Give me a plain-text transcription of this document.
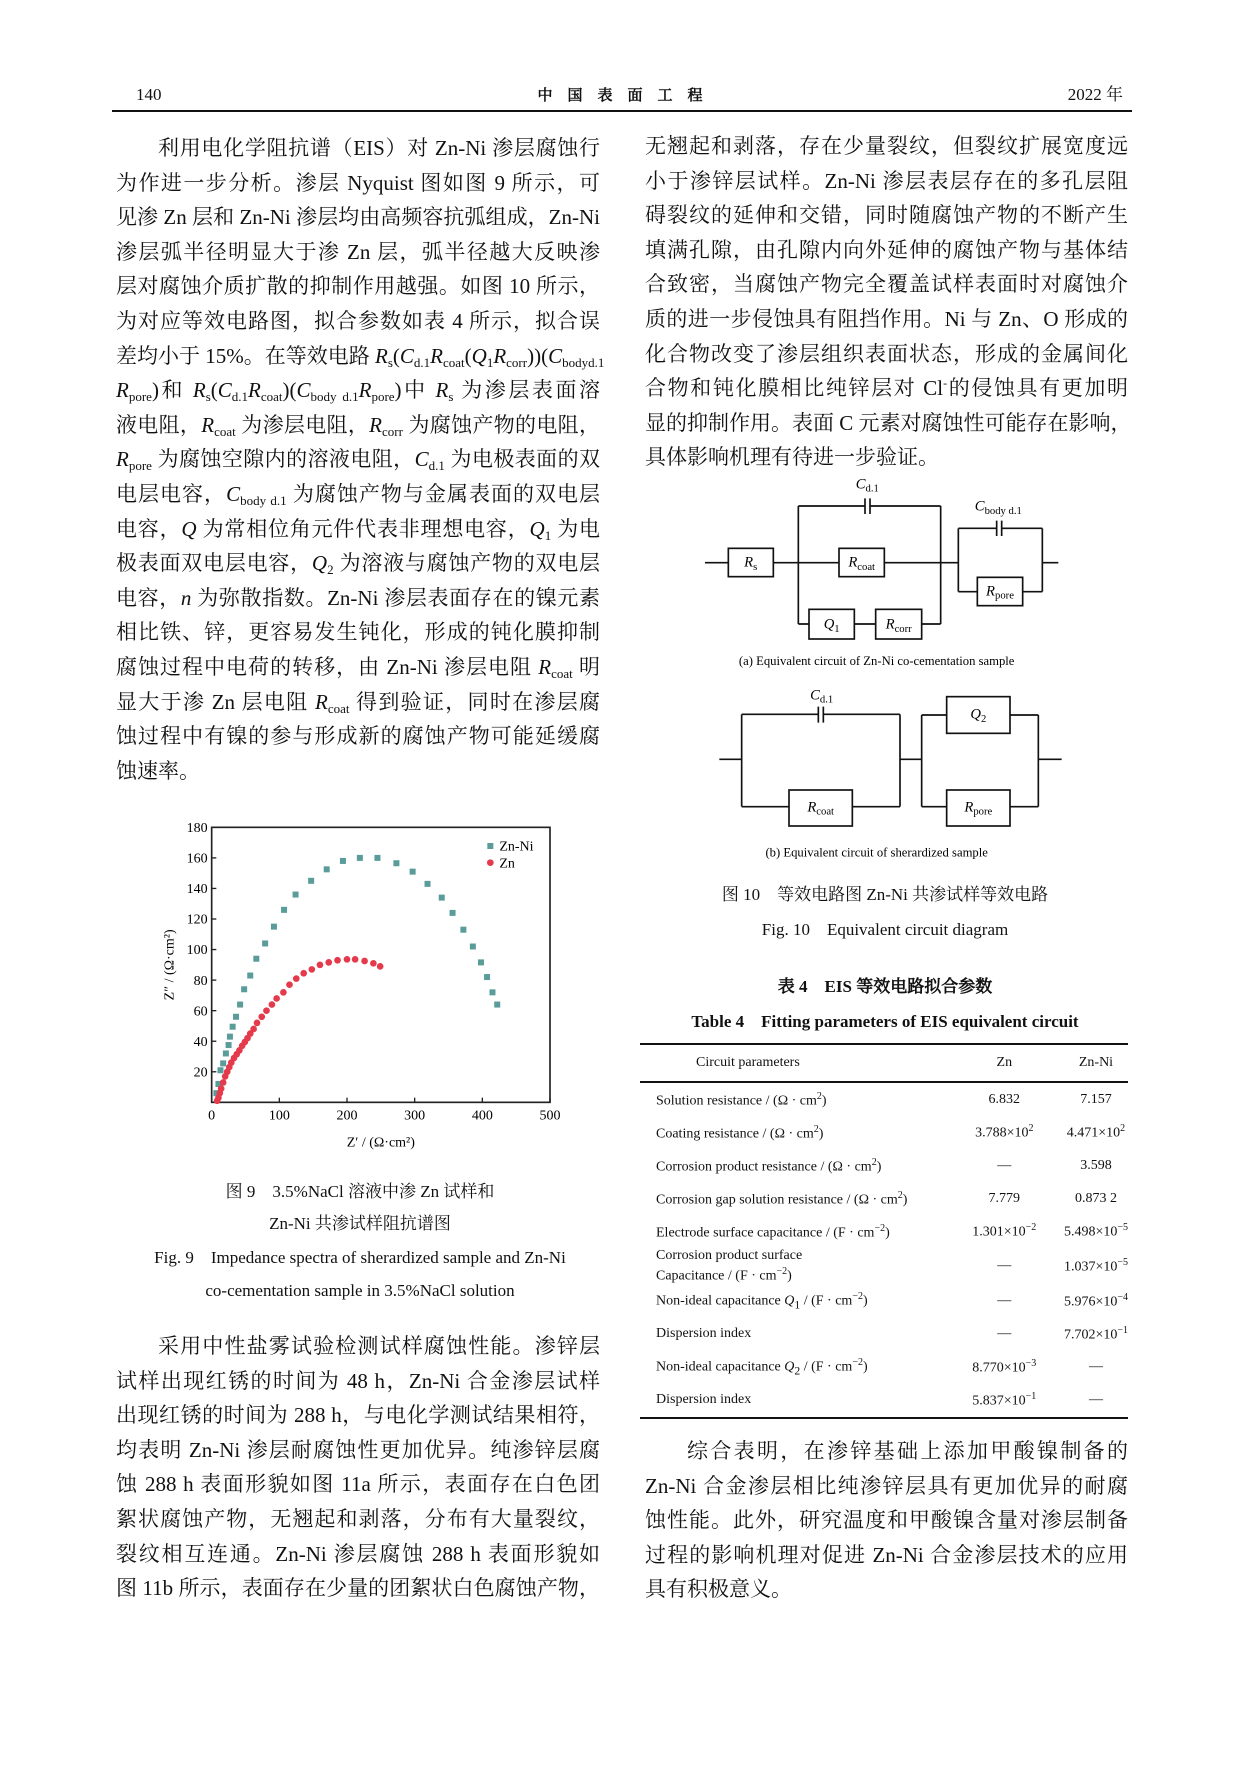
140	中　国　表　面　工　程	2022 年
利用电化学阻抗谱（EIS）对 Zn-Ni 渗层腐蚀行
为作进一步分析。渗层 Nyquist 图如图 9 所示，可
见渗 Zn 层和 Zn-Ni 渗层均由高频容抗弧组成，Zn-Ni
渗层弧半径明显大于渗 Zn 层，弧半径越大反映渗
层对腐蚀介质扩散的抑制作用越强。如图 10 所示，
为对应等效电路图，拟合参数如表 4 所示，拟合误
差均小于 15%。在等效电路 $R_s(C_{d.1}R_{coat}(Q_1R_{corr}))(C_{bodyd.1}$
$R_{pore}$)和 $R_s(C_{d.1}R_{coat})(C_{body d.1}R_{pore})$中 $R_s$ 为渗层表面溶
液电阻，$R_{coat}$ 为渗层电阻，$R_{corr}$ 为腐蚀产物的电阻，
$R_{pore}$ 为腐蚀空隙内的溶液电阻，$C_{d.1}$ 为电极表面的双
电层电容，$C_{body d.1}$ 为腐蚀产物与金属表面的双电层
电容，Q 为常相位角元件代表非理想电容，$Q_1$ 为电
极表面双电层电容，$Q_2$ 为溶液与腐蚀产物的双电层
电容，n 为弥散指数。Zn-Ni 渗层表面存在的镍元素
相比铁、锌，更容易发生钝化，形成的钝化膜抑制
腐蚀过程中电荷的转移，由 Zn-Ni 渗层电阻 $R_{coat}$ 明
显大于渗 Zn 层电阻 $R_{coat}$ 得到验证，同时在渗层腐
蚀过程中有镍的参与形成新的腐蚀产物可能延缓腐
蚀速率。
采用中性盐雾试验检测试样腐蚀性能。渗锌层
试样出现红锈的时间为 48 h，Zn-Ni 合金渗层试样
出现红锈的时间为 288 h，与电化学测试结果相符，
均表明 Zn-Ni 渗层耐腐蚀性更加优异。纯渗锌层腐
蚀 288 h 表面形貌如图 11a 所示，表面存在白色团
絮状腐蚀产物，无翘起和剥落，分布有大量裂纹，
裂纹相互连通。Zn-Ni 渗层腐蚀 288 h 表面形貌如
图 11b 所示，表面存在少量的团絮状白色腐蚀产物，
无翘起和剥落，存在少量裂纹，但裂纹扩展宽度远
小于渗锌层试样。Zn-Ni 渗层表层存在的多孔层阻
碍裂纹的延伸和交错，同时随腐蚀产物的不断产生
填满孔隙，由孔隙内向外延伸的腐蚀产物与基体结
合致密，当腐蚀产物完全覆盖试样表面时对腐蚀介
质的进一步侵蚀具有阻挡作用。Ni 与 Zn、O 形成的
化合物改变了渗层组织表面状态，形成的金属间化
合物和钝化膜相比纯锌层对 Cl-的侵蚀具有更加明
显的抑制作用。表面 C 元素对腐蚀性可能存在影响，
具体影响机理有待进一步验证。
综合表明，在渗锌基础上添加甲酸镍制备的
Zn-Ni 合金渗层相比纯渗锌层具有更加优异的耐腐
蚀性能。此外，研究温度和甲酸镍含量对渗层制备
过程的影响机理对促进 Zn-Ni 合金渗层技术的应用
具有积极意义。
0 100 200 300 400 500
20
40
60
80
100
120
140
160
180
Z′ / (Ω·cm²)
Z″ / (Ω·cm²)
Zn-Ni
Zn
图 9　3.5%NaCl 溶液中渗 Zn 试样和
Zn-Ni 共渗试样阻抗谱图
Fig. 9　Impedance spectra of sherardized sample and Zn-Ni
co-cementation sample in 3.5%NaCl solution
$R_s$
$C_{d.1}$
$R_{coat}$
$Q_1$ $R_{corr}$
$C_{body d.1}$
$R_{pore}$
$C_{d.1}$
$R_{coat}$
$Q_2$
$R_{pore}$
(a) Equivalent circuit of Zn-Ni co-cementation sample
(b) Equivalent circuit of sherardized sample
图 10　等效电路图 Zn-Ni 共渗试样等效电路
Fig. 10　Equivalent circuit diagram
表 4　EIS 等效电路拟合参数
Table 4　Fitting parameters of EIS equivalent circuit
Circuit parameters	Zn	Zn-Ni
Solution resistance / $(\Omega \cdot cm^2)$	6.832	7.157
Coating resistance / $(\Omega \cdot cm^2)$	$3.788\times 10^2$	$4.471\times 10^2$
Corrosion product resistance / $(\Omega \cdot cm^2)$	—	3.598
Corrosion gap solution resistance / $(\Omega \cdot cm^2)$	7.779	0.873 2
Electrode surface capacitance / $(F \cdot cm^{-2})$	$1.301\times 10^{-2}$	$5.498\times 10^{-5}$
Corrosion product surface
Capacitance / $(F \cdot cm^{-2})$	—	$1.037\times 10^{-5}$
Non-ideal capacitance $Q_1 / (F \cdot cm^{-2})$	—	$5.976\times 10^{-4}$
Dispersion index	—	$7.702\times 10^{-1}$
Non-ideal capacitance $Q_2 / (F \cdot cm^{-2})$	$8.770\times 10^{-3}$	—
Dispersion index	$5.837\times 10^{-1}$	—
